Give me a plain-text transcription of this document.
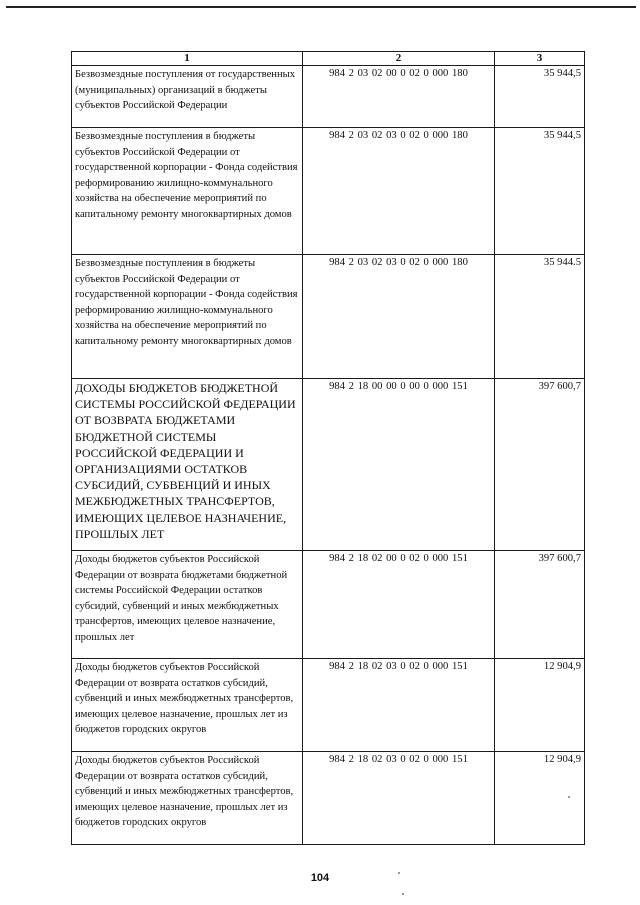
1	2	3
Безвозмездные поступления от государственных (муниципальных) организаций в бюджеты субъектов Российской Федерации	984 2 03 02 00 0 02 0 000 180	35 944,5
Безвозмездные поступления в бюджеты субъектов Российской Федерации от государственной корпорации - Фонда содействия реформированию жилищно-коммунального хозяйства на обеспечение мероприятий по капитальному ремонту многоквартирных домов	984 2 03 02 03 0 02 0 000 180	35 944,5
Безвозмездные поступления в бюджеты субъектов Российской Федерации от государственной корпорации - Фонда содействия реформированию жилищно-коммунального хозяйства на обеспечение мероприятий по капитальному ремонту многоквартирных домов	984 2 03 02 03 0 02 0 000 180	35 944.5
ДОХОДЫ БЮДЖЕТОВ БЮДЖЕТНОЙ СИСТЕМЫ РОССИЙСКОЙ ФЕДЕРАЦИИ ОТ ВОЗВРАТА БЮДЖЕТАМИ БЮДЖЕТНОЙ СИСТЕМЫ РОССИЙСКОЙ ФЕДЕРАЦИИ И ОРГАНИЗАЦИЯМИ ОСТАТКОВ СУБСИДИЙ, СУБВЕНЦИЙ И ИНЫХ МЕЖБЮДЖЕТНЫХ ТРАНСФЕРТОВ, ИМЕЮЩИХ ЦЕЛЕВОЕ НАЗНАЧЕНИЕ, ПРОШЛЫХ ЛЕТ	984 2 18 00 00 0 00 0 000 151	397 600,7
Доходы бюджетов субъектов Российской Федерации от возврата бюджетами бюджетной системы Российской Федерации остатков субсидий, субвенций и иных межбюджетных трансфертов, имеющих целевое назначение, прошлых лет	984 2 18 02 00 0 02 0 000 151	397 600,7
Доходы бюджетов субъектов Российской Федерации от возврата остатков субсидий, субвенций и иных межбюджетных трансфертов, имеющих целевое назначение, прошлых лет из бюджетов городских округов	984 2 18 02 03 0 02 0 000 151	12 904,9
Доходы бюджетов субъектов Российской Федерации от возврата остатков субсидий, субвенций и иных межбюджетных трансфертов, имеющих целевое назначение, прошлых лет из бюджетов городских округов	984 2 18 02 03 0 02 0 000 151	12 904,9
104
